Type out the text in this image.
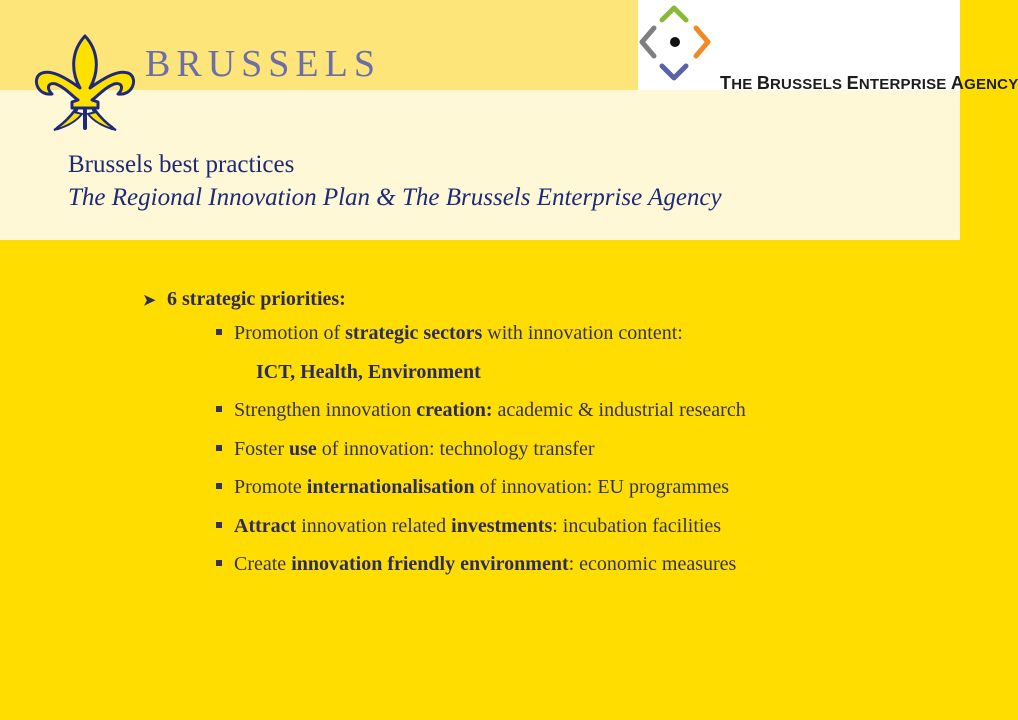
BRUSSELS	THE BRUSSELS ENTERPRISE AGENCY
Brussels best practices
The Regional Innovation Plan & The Brussels Enterprise Agency
➤ 6 strategic priorities:
Promotion of strategic sectors with innovation content:
ICT, Health, Environment
Strengthen innovation creation: academic & industrial research
Foster use of innovation: technology transfer
Promote internationalisation of innovation: EU programmes
Attract innovation related investments: incubation facilities
Create innovation friendly environment: economic measures
